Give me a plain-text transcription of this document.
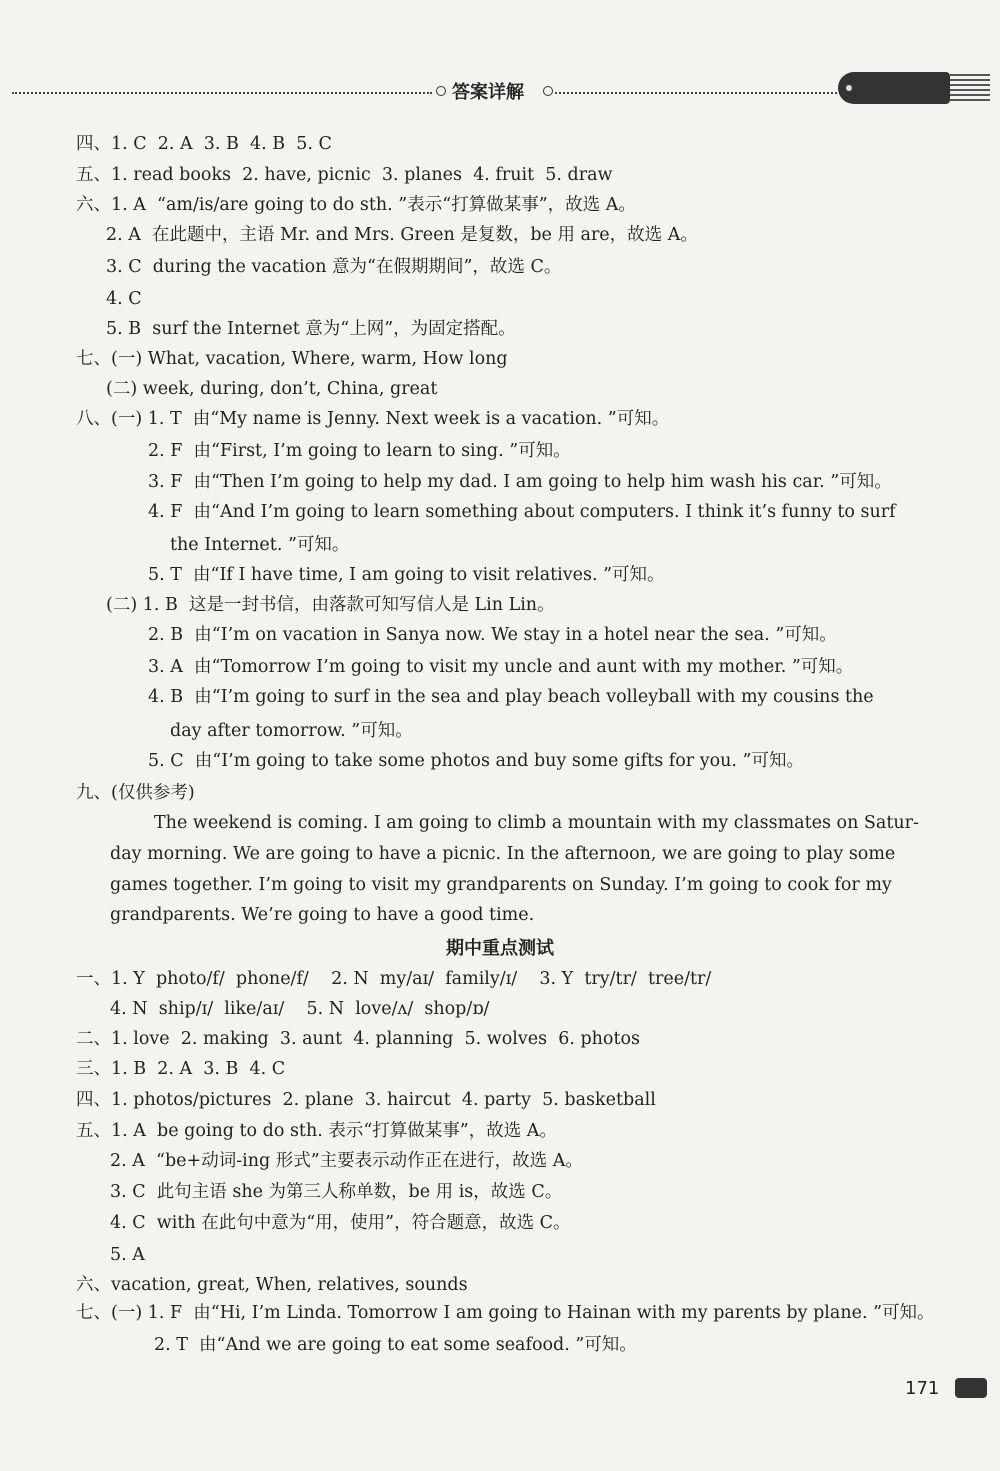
答案详解
四、1. C  2. A  3. B  4. B  5. C
五、1. read books  2. have, picnic  3. planes  4. fruit  5. draw
六、1. A  “am/is/are going to do sth. ”表示“打算做某事”，故选 A。
2. A  在此题中，主语 Mr. and Mrs. Green 是复数，be 用 are，故选 A。
3. C  during the vacation 意为“在假期期间”，故选 C。
4. C
5. B  surf the Internet 意为“上网”，为固定搭配。
七、(一) What, vacation, Where, warm, How long
(二) week, during, don’t, China, great
八、(一) 1. T  由“My name is Jenny. Next week is a vacation. ”可知。
2. F  由“First, I’m going to learn to sing. ”可知。
3. F  由“Then I’m going to help my dad. I am going to help him wash his car. ”可知。
4. F  由“And I’m going to learn something about computers. I think it’s funny to surf
the Internet. ”可知。
5. T  由“If I have time, I am going to visit relatives. ”可知。
(二) 1. B  这是一封书信，由落款可知写信人是 Lin Lin。
2. B  由“I’m on vacation in Sanya now. We stay in a hotel near the sea. ”可知。
3. A  由“Tomorrow I’m going to visit my uncle and aunt with my mother. ”可知。
4. B  由“I’m going to surf in the sea and play beach volleyball with my cousins the
day after tomorrow. ”可知。
5. C  由“I’m going to take some photos and buy some gifts for you. ”可知。
九、(仅供参考)
The weekend is coming. I am going to climb a mountain with my classmates on Satur-
day morning. We are going to have a picnic. In the afternoon, we are going to play some
games together. I’m going to visit my grandparents on Sunday. I’m going to cook for my
grandparents. We’re going to have a good time.
期中重点测试
一、1. Y  photo/f/  phone/f/    2. N  my/aɪ/  family/ɪ/    3. Y  try/tr/  tree/tr/
4. N  ship/ɪ/  like/aɪ/    5. N  love/ʌ/  shop/ɒ/
二、1. love  2. making  3. aunt  4. planning  5. wolves  6. photos
三、1. B  2. A  3. B  4. C
四、1. photos/pictures  2. plane  3. haircut  4. party  5. basketball
五、1. A  be going to do sth. 表示“打算做某事”，故选 A。
2. A  “be+动词-ing 形式”主要表示动作正在进行，故选 A。
3. C  此句主语 she 为第三人称单数，be 用 is，故选 C。
4. C  with 在此句中意为“用，使用”，符合题意，故选 C。
5. A
六、vacation, great, When, relatives, sounds
七、(一) 1. F  由“Hi, I’m Linda. Tomorrow I am going to Hainan with my parents by plane. ”可知。
2. T  由“And we are going to eat some seafood. ”可知。
171
